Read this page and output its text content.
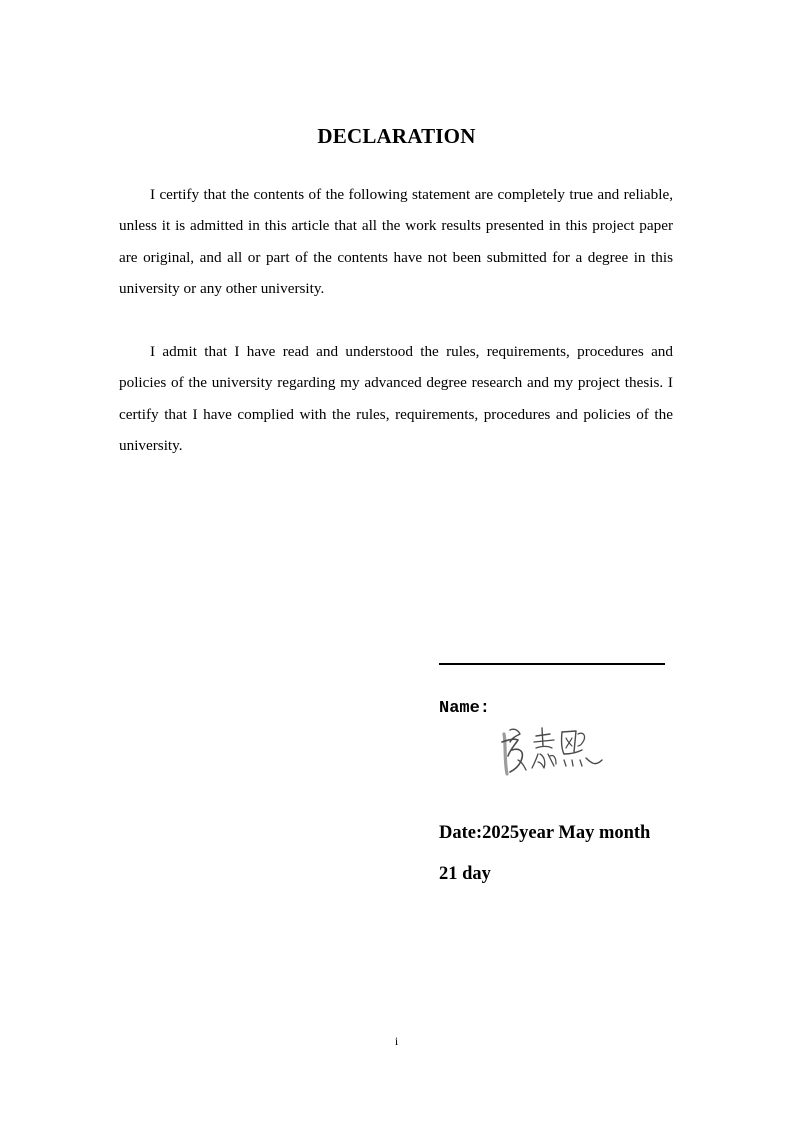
DECLARATION

I certify that the contents of the following statement are completely true and reliable, unless it is admitted in this article that all the work results presented in this project paper are original, and all or part of the contents have not been submitted for a degree in this university or any other university.

I admit that I have read and understood the rules, requirements, procedures and policies of the university regarding my advanced degree research and my project thesis. I certify that I have complied with the rules, requirements, procedures and policies of the university.

Name:

Date:2025year May month

21 day

i
